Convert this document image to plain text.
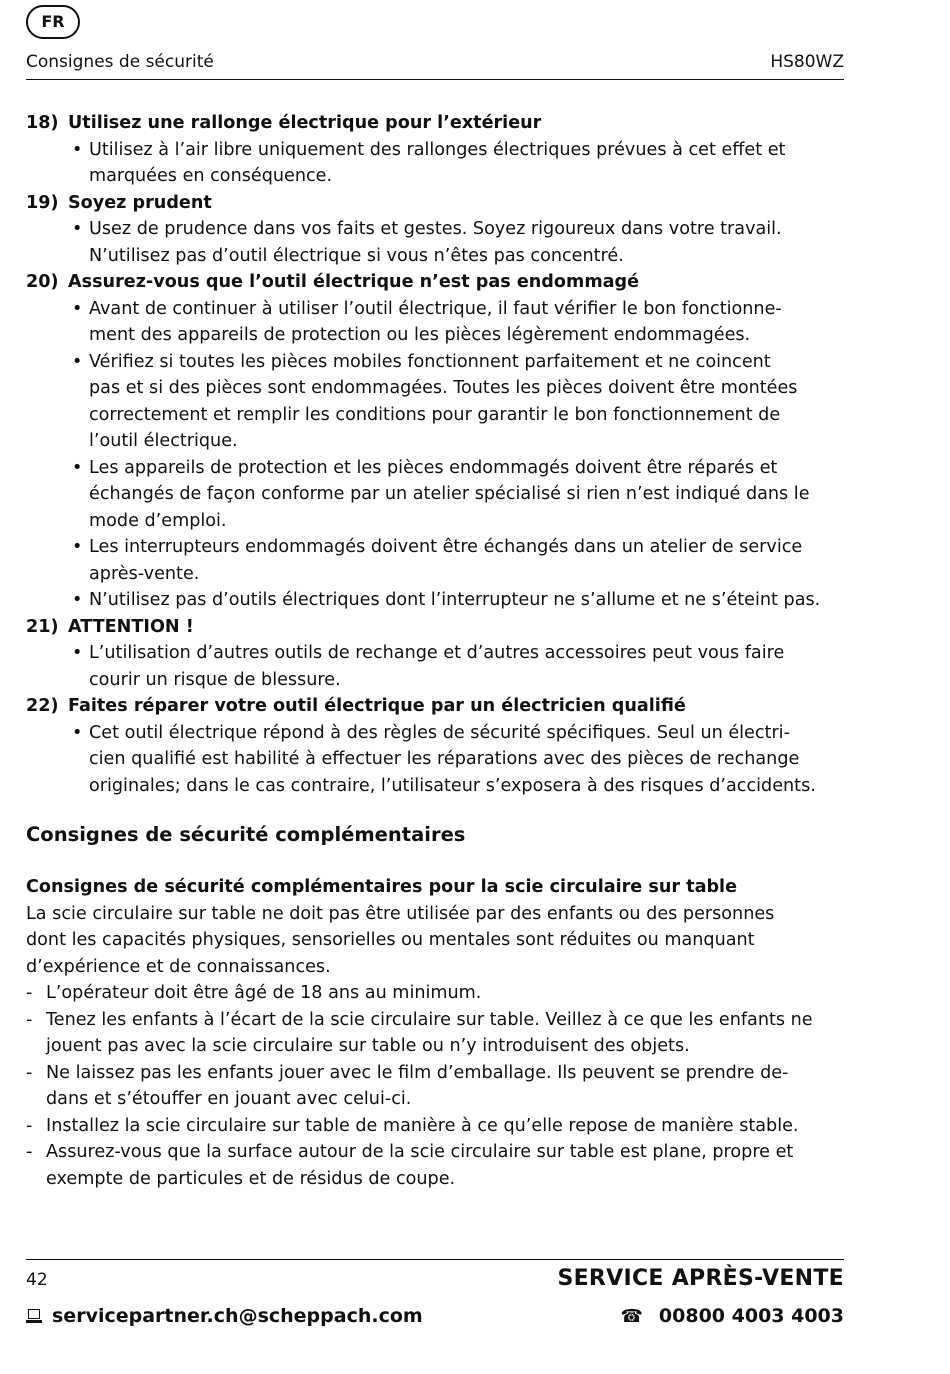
FR
Consignes de sécurité	HS80WZ
18) Utilisez une rallonge électrique pour l’extérieur
• Utilisez à l’air libre uniquement des rallonges électriques prévues à cet effet et
marquées en conséquence.
19) Soyez prudent
• Usez de prudence dans vos faits et gestes. Soyez rigoureux dans votre travail.
N’utilisez pas d’outil électrique si vous n’êtes pas concentré.
20) Assurez-vous que l’outil électrique n’est pas endommagé
• Avant de continuer à utiliser l’outil électrique, il faut vérifier le bon fonctionne-
ment des appareils de protection ou les pièces légèrement endommagées.
• Vérifiez si toutes les pièces mobiles fonctionnent parfaitement et ne coincent
pas et si des pièces sont endommagées. Toutes les pièces doivent être montées
correctement et remplir les conditions pour garantir le bon fonctionnement de
l’outil électrique.
• Les appareils de protection et les pièces endommagés doivent être réparés et
échangés de façon conforme par un atelier spécialisé si rien n’est indiqué dans le
mode d’emploi.
• Les interrupteurs endommagés doivent être échangés dans un atelier de service
après-vente.
• N’utilisez pas d’outils électriques dont l’interrupteur ne s’allume et ne s’éteint pas.
21) ATTENTION !
• L’utilisation d’autres outils de rechange et d’autres accessoires peut vous faire
courir un risque de blessure.
22) Faites réparer votre outil électrique par un électricien qualifié
• Cet outil électrique répond à des règles de sécurité spécifiques. Seul un électri-
cien qualifié est habilité à effectuer les réparations avec des pièces de rechange
originales; dans le cas contraire, l’utilisateur s’exposera à des risques d’accidents.
Consignes de sécurité complémentaires
Consignes de sécurité complémentaires pour la scie circulaire sur table
La scie circulaire sur table ne doit pas être utilisée par des enfants ou des personnes
dont les capacités physiques, sensorielles ou mentales sont réduites ou manquant
d’expérience et de connaissances.
- L’opérateur doit être âgé de 18 ans au minimum.
- Tenez les enfants à l’écart de la scie circulaire sur table. Veillez à ce que les enfants ne
jouent pas avec la scie circulaire sur table ou n’y introduisent des objets.
- Ne laissez pas les enfants jouer avec le film d’emballage. Ils peuvent se prendre de-
dans et s’étouffer en jouant avec celui-ci.
- Installez la scie circulaire sur table de manière à ce qu’elle repose de manière stable.
- Assurez-vous que la surface autour de la scie circulaire sur table est plane, propre et
exempte de particules et de résidus de coupe.
42	SERVICE APRÈS-VENTE
servicepartner.ch@scheppach.com	☎ 00800 4003 4003
